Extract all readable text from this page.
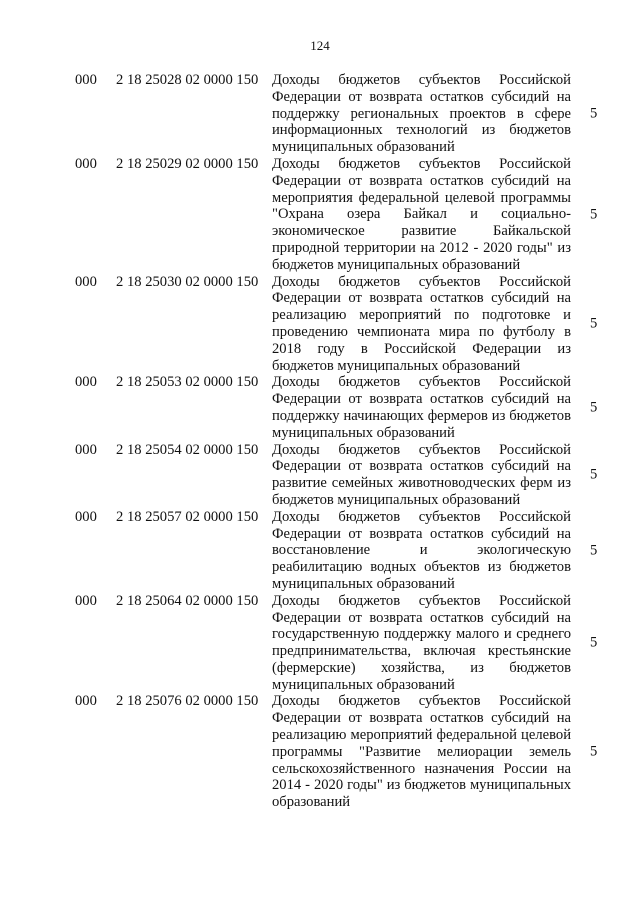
124
000 2 18 25028 02 0000 150 Доходы бюджетов субъектов Российской Федерации от возврата остатков субсидий на поддержку региональных проектов в сфере информационных технологий из бюджетов муниципальных образований
5
000 2 18 25029 02 0000 150 Доходы бюджетов субъектов Российской Федерации от возврата остатков субсидий на мероприятия федеральной целевой программы "Охрана озера Байкал и социально-экономическое развитие Байкальской природной территории на 2012 - 2020 годы" из бюджетов муниципальных образований
5
000 2 18 25030 02 0000 150 Доходы бюджетов субъектов Российской Федерации от возврата остатков субсидий на реализацию мероприятий по подготовке и проведению чемпионата мира по футболу в 2018 году в Российской Федерации из бюджетов муниципальных образований
5
000 2 18 25053 02 0000 150 Доходы бюджетов субъектов Российской Федерации от возврата остатков субсидий на поддержку начинающих фермеров из бюджетов муниципальных образований
5
000 2 18 25054 02 0000 150 Доходы бюджетов субъектов Российской Федерации от возврата остатков субсидий на развитие семейных животноводческих ферм из бюджетов муниципальных образований
5
000 2 18 25057 02 0000 150 Доходы бюджетов субъектов Российской Федерации от возврата остатков субсидий на восстановление и экологическую реабилитацию водных объектов из бюджетов муниципальных образований
5
000 2 18 25064 02 0000 150 Доходы бюджетов субъектов Российской Федерации от возврата остатков субсидий на государственную поддержку малого и среднего предпринимательства, включая крестьянские (фермерские) хозяйства, из бюджетов муниципальных образований
5
000 2 18 25076 02 0000 150 Доходы бюджетов субъектов Российской Федерации от возврата остатков субсидий на реализацию мероприятий федеральной целевой программы "Развитие мелиорации земель сельскохозяйственного назначения России на 2014 - 2020 годы" из бюджетов муниципальных образований
5
